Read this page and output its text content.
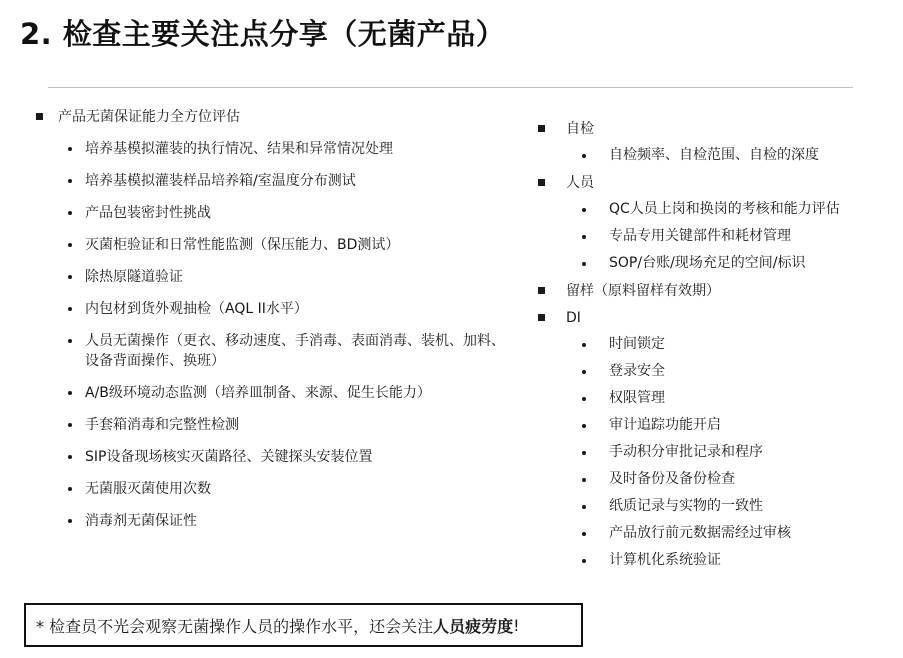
2. 检查主要关注点分享（无菌产品）
产品无菌保证能力全方位评估
培养基模拟灌装的执行情况、结果和异常情况处理
培养基模拟灌装样品培养箱/室温度分布测试
产品包装密封性挑战
灭菌柜验证和日常性能监测（保压能力、BD测试）
除热原隧道验证
内包材到货外观抽检（AQL II水平）
人员无菌操作（更衣、移动速度、手消毒、表面消毒、装机、加料、
设备背面操作、换班）
A/B级环境动态监测（培养皿制备、来源、促生长能力）
手套箱消毒和完整性检测
SIP设备现场核实灭菌路径、关键探头安装位置
无菌服灭菌使用次数
消毒剂无菌保证性
自检
自检频率、自检范围、自检的深度
人员
QC人员上岗和换岗的考核和能力评估
专品专用关键部件和耗材管理
SOP/台账/现场充足的空间/标识
留样（原料留样有效期）
DI
时间锁定
登录安全
权限管理
审计追踪功能开启
手动积分审批记录和程序
及时备份及备份检查
纸质记录与实物的一致性
产品放行前元数据需经过审核
计算机化系统验证
* 检查员不光会观察无菌操作人员的操作水平，还会关注 人员疲劳度 !
